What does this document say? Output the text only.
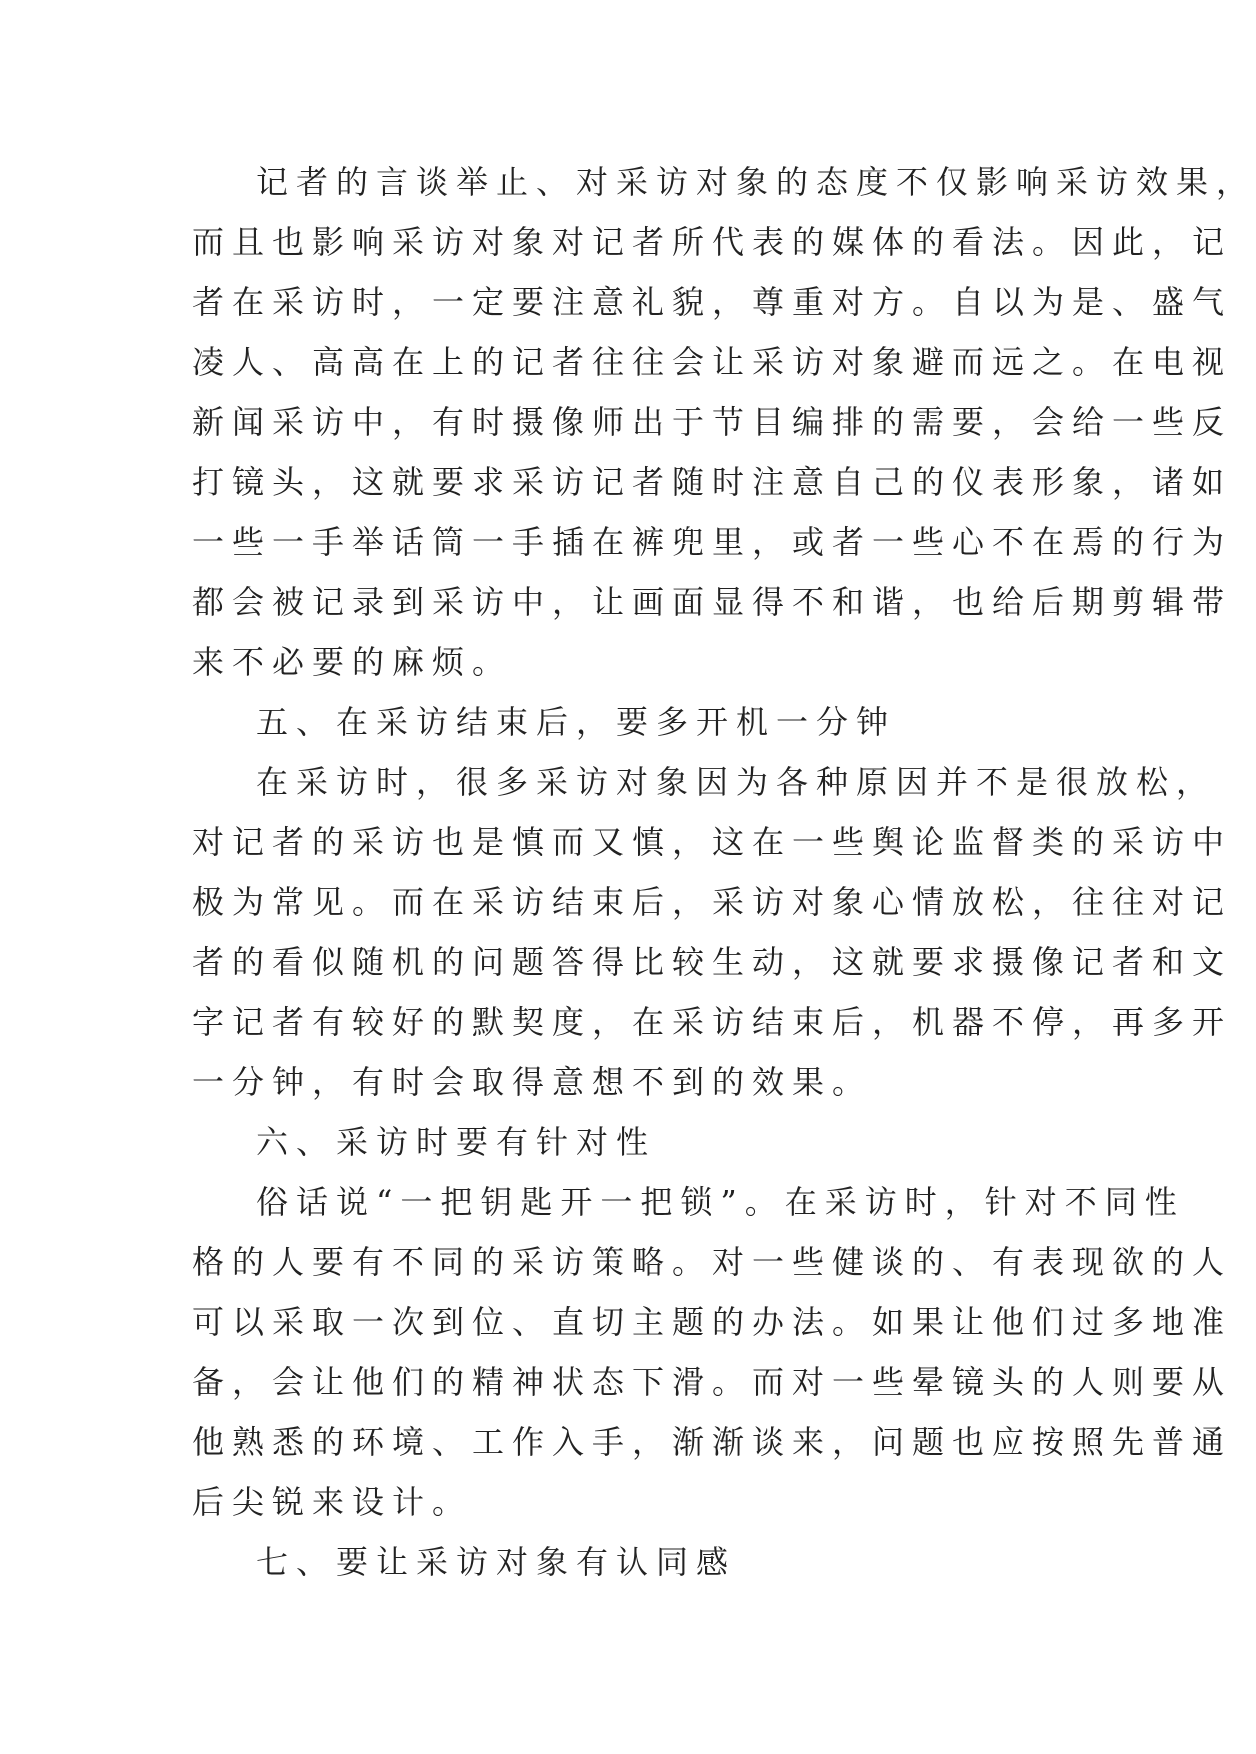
记者的言谈举止、对采访对象的态度不仅影响采访效果，
而且也影响采访对象对记者所代表的媒体的看法。因此，记
者在采访时，一定要注意礼貌，尊重对方。自以为是、盛气
凌人、高高在上的记者往往会让采访对象避而远之。在电视
新闻采访中，有时摄像师出于节目编排的需要，会给一些反
打镜头，这就要求采访记者随时注意自己的仪表形象，诸如
一些一手举话筒一手插在裤兜里，或者一些心不在焉的行为
都会被记录到采访中，让画面显得不和谐，也给后期剪辑带
来不必要的麻烦。
五、在采访结束后，要多开机一分钟
在采访时，很多采访对象因为各种原因并不是很放松，
对记者的采访也是慎而又慎，这在一些舆论监督类的采访中
极为常见。而在采访结束后，采访对象心情放松，往往对记
者的看似随机的问题答得比较生动，这就要求摄像记者和文
字记者有较好的默契度，在采访结束后，机器不停，再多开
一分钟，有时会取得意想不到的效果。
六、采访时要有针对性
俗话说“一把钥匙开一把锁”。在采访时，针对不同性
格的人要有不同的采访策略。对一些健谈的、有表现欲的人
可以采取一次到位、直切主题的办法。如果让他们过多地准
备，会让他们的精神状态下滑。而对一些晕镜头的人则要从
他熟悉的环境、工作入手，渐渐谈来，问题也应按照先普通
后尖锐来设计。
七、要让采访对象有认同感
